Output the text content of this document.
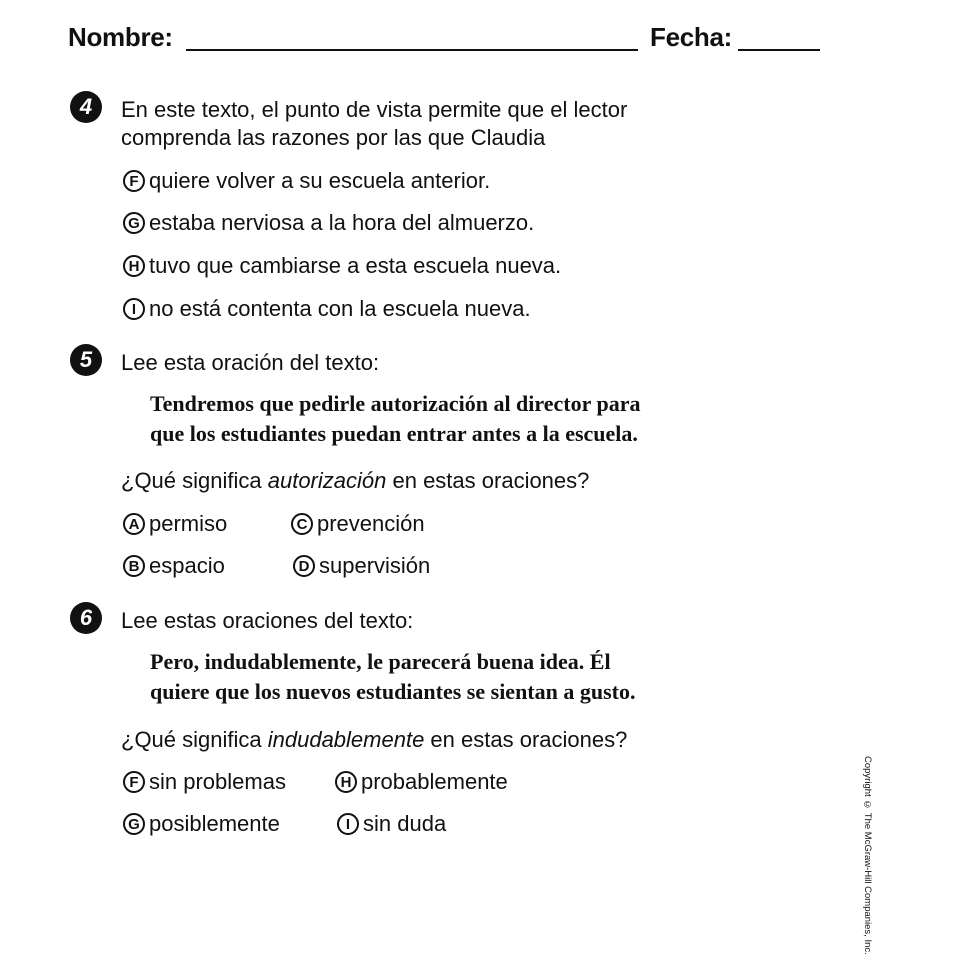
Nombre:	Fecha:
4	En este texto, el punto de vista permite que el lector
comprenda las razones por las que Claudia
F quiere volver a su escuela anterior.
G estaba nerviosa a la hora del almuerzo.
H tuvo que cambiarse a esta escuela nueva.
I no está contenta con la escuela nueva.
5	Lee esta oración del texto:
Tendremos que pedirle autorización al director para
que los estudiantes puedan entrar antes a la escuela.
¿Qué significa autorización en estas oraciones?
A permiso	C prevención
B espacio	D supervisión
6	Lee estas oraciones del texto:
Pero, indudablemente, le parecerá buena idea. Él
quiere que los nuevos estudiantes se sientan a gusto.
¿Qué significa indudablemente en estas oraciones?
F sin problemas	H probablemente
G posiblemente	I sin duda	Copyright © The McGraw-Hill Companies, Inc.
